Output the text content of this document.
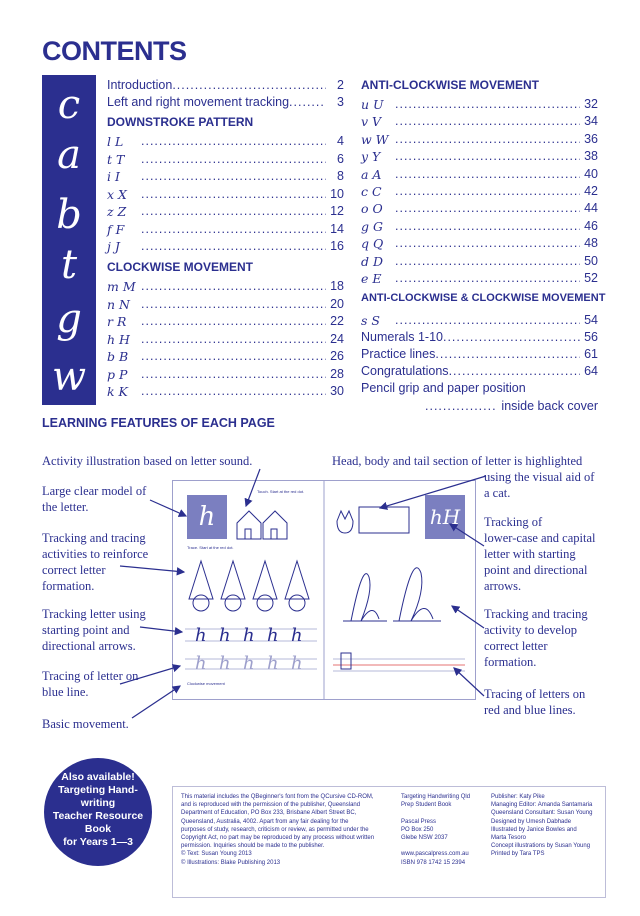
CONTENTS
c
a
b
t
g
w
Introduction .....	2
Left and right movement tracking .....	3
DOWNSTROKE PATTERN
CLOCKWISE MOVEMENT
ANTI-CLOCKWISE MOVEMENT
ANTI-CLOCKWISE & CLOCKWISE MOVEMENT
s S .....	54
Numerals 1-10 .....	56
Practice lines .....	61
Congratulations .....	64
Pencil grip and paper position
.....
inside back cover
LEARNING FEATURES OF EACH PAGE
Activity illustration based on letter sound.
Large clear model of
the letter.
Tracking and tracing
activities to reinforce
correct letter
formation.
Tracking letter using
starting point and
directional arrows.
Tracing of letter on
blue line.
Basic movement.
Head, body and tail section of letter is highlighted
using the visual aid of
a cat.
Tracking of
lower-case and capital
letter with starting
point and directional
arrows.
Tracking and tracing
activity to develop
correct letter
formation.
Tracing of letters on
red and blue lines.
h h h h h
h h h h h
h	hH
Touch. Start at the red dot.
Trace. Start at the red dot.
Clockwise movement
Also available!
Targeting Hand-
writing
Teacher Resource
Book
for Years 1—3
This material includes the QBeginner's font from the QCursive CD-ROM,
and is reproduced with the permission of the publisher, Queensland
Department of Education, PO Box 233, Brisbane Albert Street BC,
Queensland, Australia, 4002. Apart from any fair dealing for the
purposes of study, research, criticism or review, as permitted under the
Copyright Act, no part may be reproduced by any process without written
permission. Inquiries should be made to the publisher.
© Text: Susan Young 2013
© Illustrations: Blake Publishing 2013
Targeting Handwriting Qld
Prep Student Book

Pascal Press
PO Box 250
Glebe NSW 2037

www.pascalpress.com.au
ISBN 978 1742 15 2394
Publisher: Katy Pike
Managing Editor: Amanda Santamaria
Queensland Consultant: Susan Young
Designed by Umesh Dabhade
Illustrated by Janice Bowles and
Marta Tesoro
Concept illustrations by Susan Young
Printed by Tara TPS
l L .....	4
t T .....	6
i I .....	8
x X .....	10
z Z .....	12
f F .....	14
j J .....	16
m M .....	18
n N .....	20
r R .....	22
h H .....	24
b B .....	26
p P .....	28
k K .....	30
u U .....	32
v V .....	34
w W .....	36
y Y .....	38
a A .....	40
c C .....	42
o O .....	44
g G .....	46
q Q .....	48
d D .....	50
e E .....	52
